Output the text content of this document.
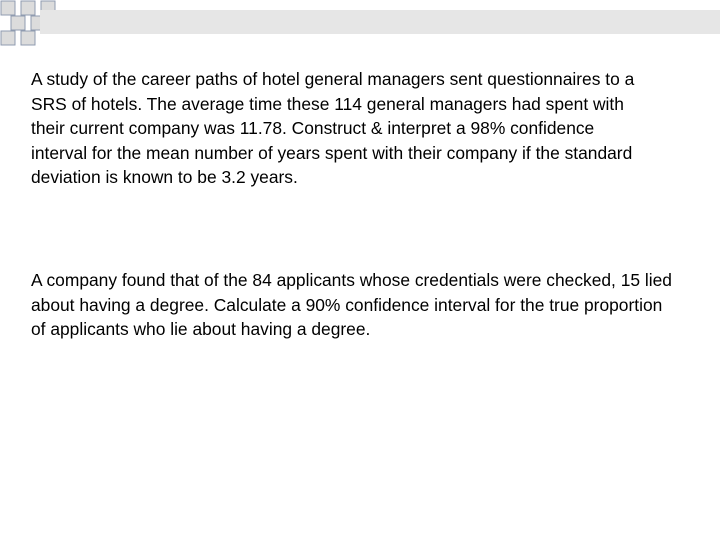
A study of the career paths of hotel general managers sent questionnaires to a
SRS of hotels. The average time these 114 general managers had spent with
their current company was 11.78. Construct & interpret a 98% confidence
interval for the mean number of years spent with their company if the standard
deviation is known to be 3.2 years.

A company found that of the 84 applicants whose credentials were checked, 15 lied
about having a degree. Calculate a 90% confidence interval for the true proportion
of applicants who lie about having a degree.
